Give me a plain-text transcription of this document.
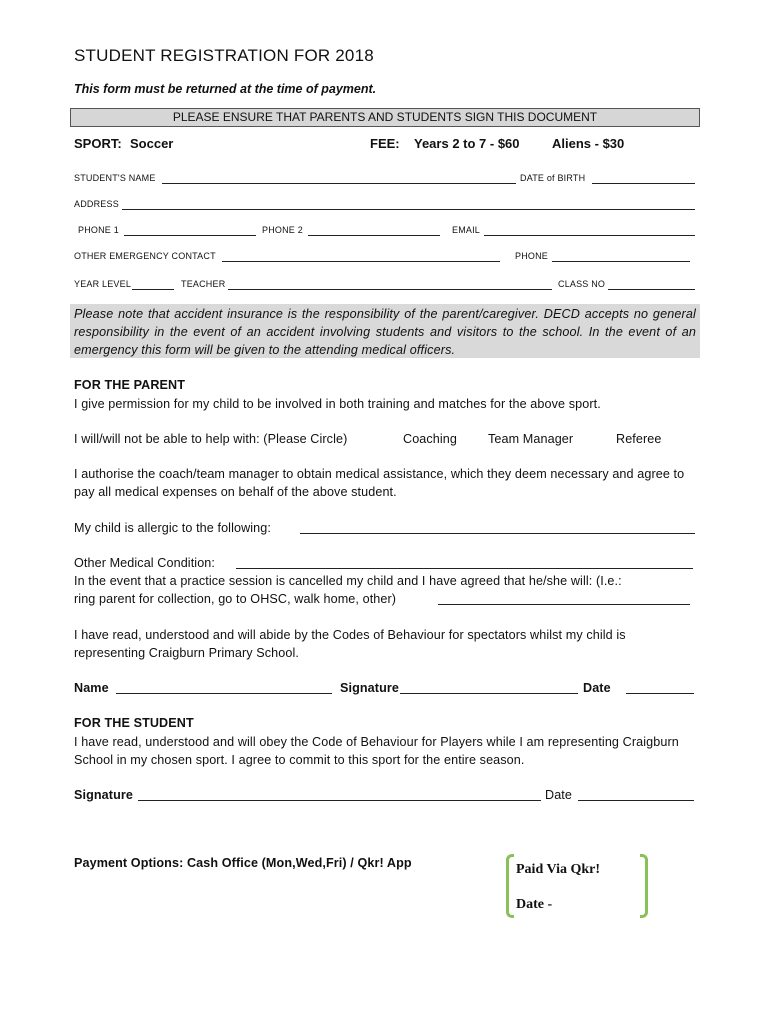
STUDENT REGISTRATION FOR 2018
This form must be returned at the time of payment.
PLEASE ENSURE THAT PARENTS AND STUDENTS SIGN THIS DOCUMENT
SPORT: Soccer	FEE: Years 2 to 7 - $60 Aliens - $30
STUDENT'S NAME	DATE of BIRTH
ADDRESS
PHONE 1	PHONE 2	EMAIL
OTHER EMERGENCY CONTACT	PHONE
YEAR LEVEL	TEACHER	CLASS NO
Please note that accident insurance is the responsibility of the parent/caregiver. DECD accepts no general responsibility in the event of an accident involving students and visitors to the school. In the event of an emergency this form will be given to the attending medical officers.
FOR THE PARENT
I give permission for my child to be involved in both training and matches for the above sport.
I will/will not be able to help with: (Please Circle)	Coaching Team Manager	Referee
I authorise the coach/team manager to obtain medical assistance, which they deem necessary and agree to pay all medical expenses on behalf of the above student.
My child is allergic to the following:
Other Medical Condition:
In the event that a practice session is cancelled my child and I have agreed that he/she will: (I.e.:
ring parent for collection, go to OHSC, walk home, other)
I have read, understood and will abide by the Codes of Behaviour for spectators whilst my child is representing Craigburn Primary School.
Name	Signature	Date
FOR THE STUDENT
I have read, understood and will obey the Code of Behaviour for Players while I am representing Craigburn School in my chosen sport. I agree to commit to this sport for the entire season.
Signature	Date
Payment Options: Cash Office (Mon,Wed,Fri) / Qkr! App	Paid Via Qkr!
Date -
